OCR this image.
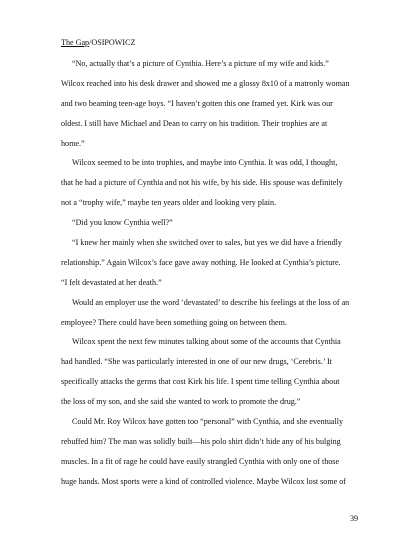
The Gap/OSIPOWICZ
“No, actually that’s a picture of Cynthia. Here’s a picture of my wife and kids.”
Wilcox reached into his desk drawer and showed me a glossy 8x10 of a matronly woman
and two beaming teen-age boys. “I haven’t gotten this one framed yet. Kirk was our
oldest. I still have Michael and Dean to carry on his tradition. Their trophies are at
home.”
Wilcox seemed to be into trophies, and maybe into Cynthia. It was odd, I thought,
that he had a picture of Cynthia and not his wife, by his side. His spouse was definitely
not a “trophy wife,” maybe ten years older and looking very plain.
“Did you know Cynthia well?”
“I knew her mainly when she switched over to sales, but yes we did have a friendly
relationship.” Again Wilcox’s face gave away nothing. He looked at Cynthia’s picture.
“I felt devastated at her death.”
Would an employer use the word ‘devastated’ to describe his feelings at the loss of an
employee? There could have been something going on between them.
Wilcox spent the next few minutes talking about some of the accounts that Cynthia
had handled. “She was particularly interested in one of our new drugs, ‘Cerebris.’ It
specifically attacks the germs that cost Kirk his life. I spent time telling Cynthia about
the loss of my son, and she said she wanted to work to promote the drug.”
Could Mr. Roy Wilcox have gotten too “personal” with Cynthia, and she eventually
rebuffed him? The man was solidly built—his polo shirt didn’t hide any of his bulging
muscles. In a fit of rage he could have easily strangled Cynthia with only one of those
huge hands. Most sports were a kind of controlled violence. Maybe Wilcox lost some of
39
